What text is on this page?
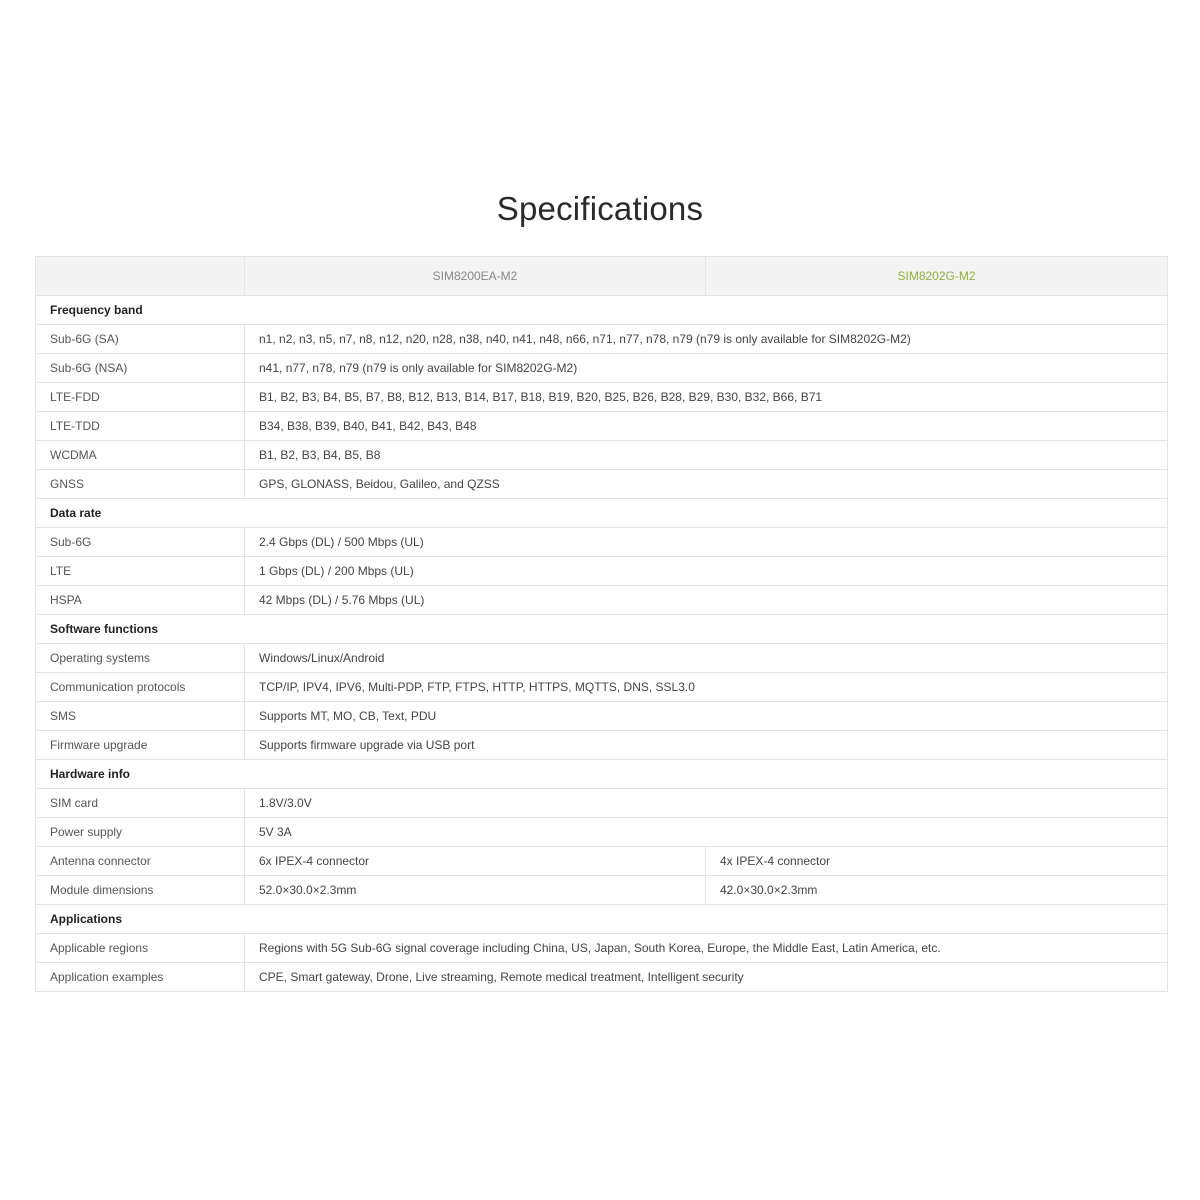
Specifications
	SIM8200EA-M2	SIM8202G-M2
Frequency band		
Sub-6G (SA)	n1, n2, n3, n5, n7, n8, n12, n20, n28, n38, n40, n41, n48, n66, n71, n77, n78, n79 (n79 is only available for SIM8202G-M2)	
Sub-6G (NSA)	n41, n77, n78, n79 (n79 is only available for SIM8202G-M2)	
LTE-FDD	B1, B2, B3, B4, B5, B7, B8, B12, B13, B14, B17, B18, B19, B20, B25, B26, B28, B29, B30, B32, B66, B71	
LTE-TDD	B34, B38, B39, B40, B41, B42, B43, B48	
WCDMA	B1, B2, B3, B4, B5, B8	
GNSS	GPS, GLONASS, Beidou, Galileo, and QZSS	
Data rate		
Sub-6G	2.4 Gbps (DL) / 500 Mbps (UL)	
LTE	1 Gbps (DL) / 200 Mbps (UL)	
HSPA	42 Mbps (DL) / 5.76 Mbps (UL)	
Software functions		
Operating systems	Windows/Linux/Android	
Communication protocols	TCP/IP, IPV4, IPV6, Multi-PDP, FTP, FTPS, HTTP, HTTPS, MQTTS, DNS, SSL3.0	
SMS	Supports MT, MO, CB, Text, PDU	
Firmware upgrade	Supports firmware upgrade via USB port	
Hardware info		
SIM card	1.8V/3.0V	
Power supply	5V 3A	
Antenna connector	6x IPEX-4 connector	4x IPEX-4 connector
Module dimensions	52.0×30.0×2.3mm	42.0×30.0×2.3mm
Applications		
Applicable regions	Regions with 5G Sub-6G signal coverage including China, US, Japan, South Korea, Europe, the Middle East, Latin America, etc.	
Application examples	CPE, Smart gateway, Drone, Live streaming, Remote medical treatment, Intelligent security	
